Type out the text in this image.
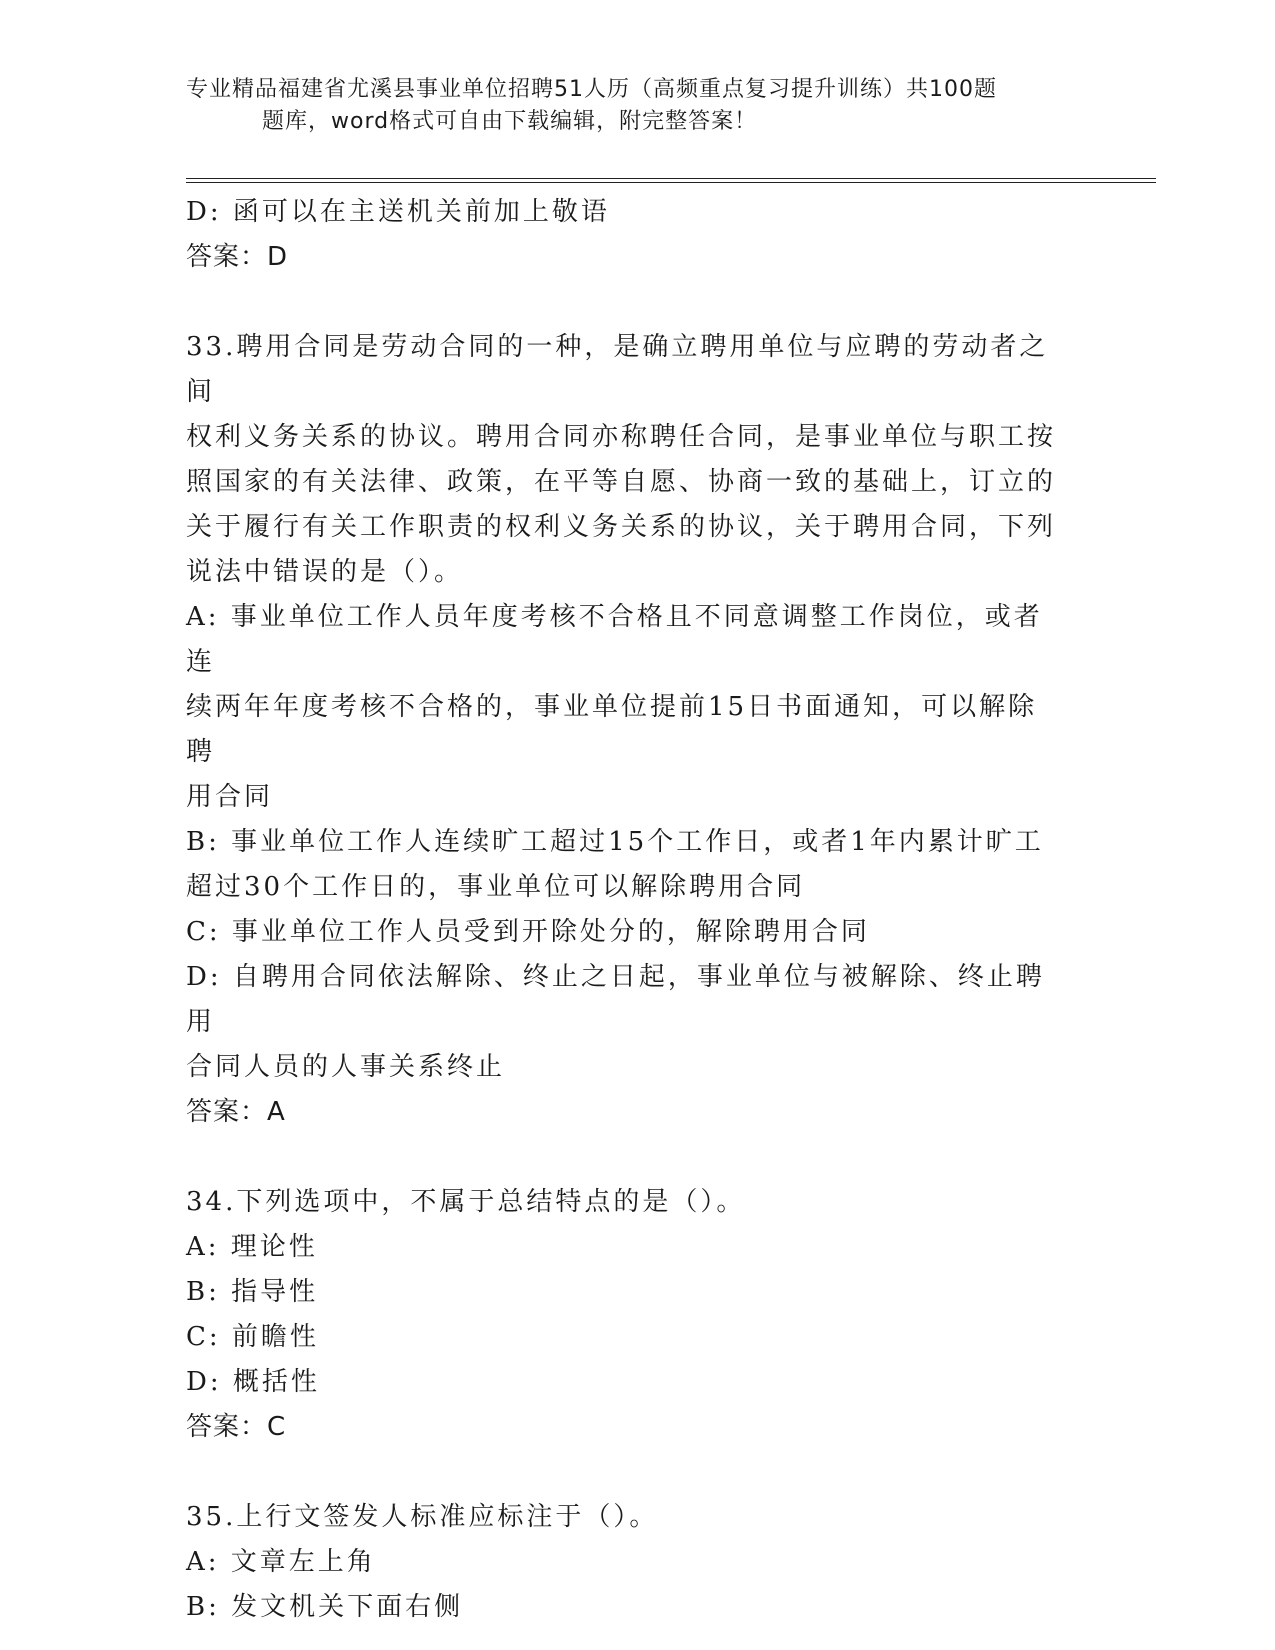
专业精品福建省尤溪县事业单位招聘51人历（高频重点复习提升训练）共100题
题库，word格式可自由下载编辑，附完整答案！

D: 函可以在主送机关前加上敬语

答案：D

33.聘用合同是劳动合同的一种，是确立聘用单位与应聘的劳动者之间

权利义务关系的协议。聘用合同亦称聘任合同，是事业单位与职工按

照国家的有关法律、政策，在平等自愿、协商一致的基础上，订立的

关于履行有关工作职责的权利义务关系的协议，关于聘用合同，下列

说法中错误的是（）。

A: 事业单位工作人员年度考核不合格且不同意调整工作岗位，或者连

续两年年度考核不合格的，事业单位提前15日书面通知，可以解除聘

用合同

B: 事业单位工作人连续旷工超过15个工作日，或者1年内累计旷工

超过30个工作日的，事业单位可以解除聘用合同

C: 事业单位工作人员受到开除处分的，解除聘用合同

D: 自聘用合同依法解除、终止之日起，事业单位与被解除、终止聘用

合同人员的人事关系终止

答案：A

34.下列选项中，不属于总结特点的是（）。

A: 理论性

B: 指导性

C: 前瞻性

D: 概括性

答案：C

35.上行文签发人标准应标注于（）。

A: 文章左上角

B: 发文机关下面右侧
